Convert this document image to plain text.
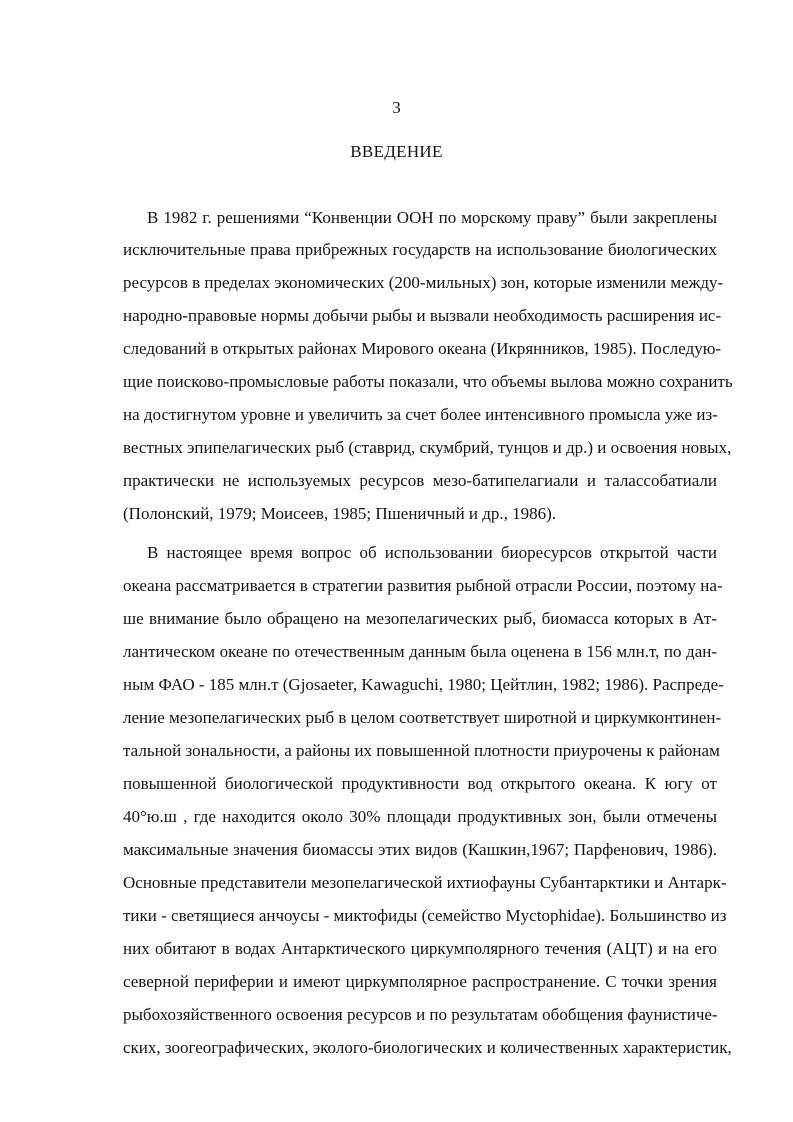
3
ВВЕДЕНИЕ
В 1982 г. решениями “Конвенции ООН по морскому праву” были закреплены
исключительные права прибрежных государств на использование биологических
ресурсов в пределах экономических (200-мильных) зон, которые изменили между-
народно-правовые нормы добычи рыбы и вызвали необходимость расширения ис-
следований в открытых районах Мирового океана (Икрянников, 1985). Последую-
щие поисково-промысловые работы показали, что объемы вылова можно сохранить
на достигнутом уровне и увеличить за счет более интенсивного промысла уже из-
вестных эпипелагических рыб (ставрид, скумбрий, тунцов и др.) и освоения новых,
практически не используемых ресурсов мезо-батипелагиали и талассобатиали
(Полонский, 1979; Моисеев, 1985; Пшеничный и др., 1986).
В настоящее время вопрос об использовании биоресурсов открытой части
океана рассматривается в стратегии развития рыбной отрасли России, поэтому на-
ше внимание было обращено на мезопелагических рыб, биомасса которых в Ат-
лантическом океане по отечественным данным была оценена в 156 млн.т, по дан-
ным ФАО - 185 млн.т (Gjosaeter, Kawaguchi, 1980; Цейтлин, 1982; 1986). Распреде-
ление мезопелагических рыб в целом соответствует широтной и циркумконтинен-
тальной зональности, а районы их повышенной плотности приурочены к районам
повышенной биологической продуктивности вод открытого океана. К югу от
40°ю.ш , где находится около 30% площади продуктивных зон, были отмечены
максимальные значения биомассы этих видов (Кашкин,1967; Парфенович, 1986).
Основные представители мезопелагической ихтиофауны Субантарктики и Антарк-
тики - светящиеся анчоусы - миктофиды (семейство Myctophidae). Большинство из
них обитают в водах Антарктического циркумполярного течения (АЦТ) и на его
северной периферии и имеют циркумполярное распространение. С точки зрения
рыбохозяйственного освоения ресурсов и по результатам обобщения фаунистиче-
ских, зоогеографических, эколого-биологических и количественных характеристик,
